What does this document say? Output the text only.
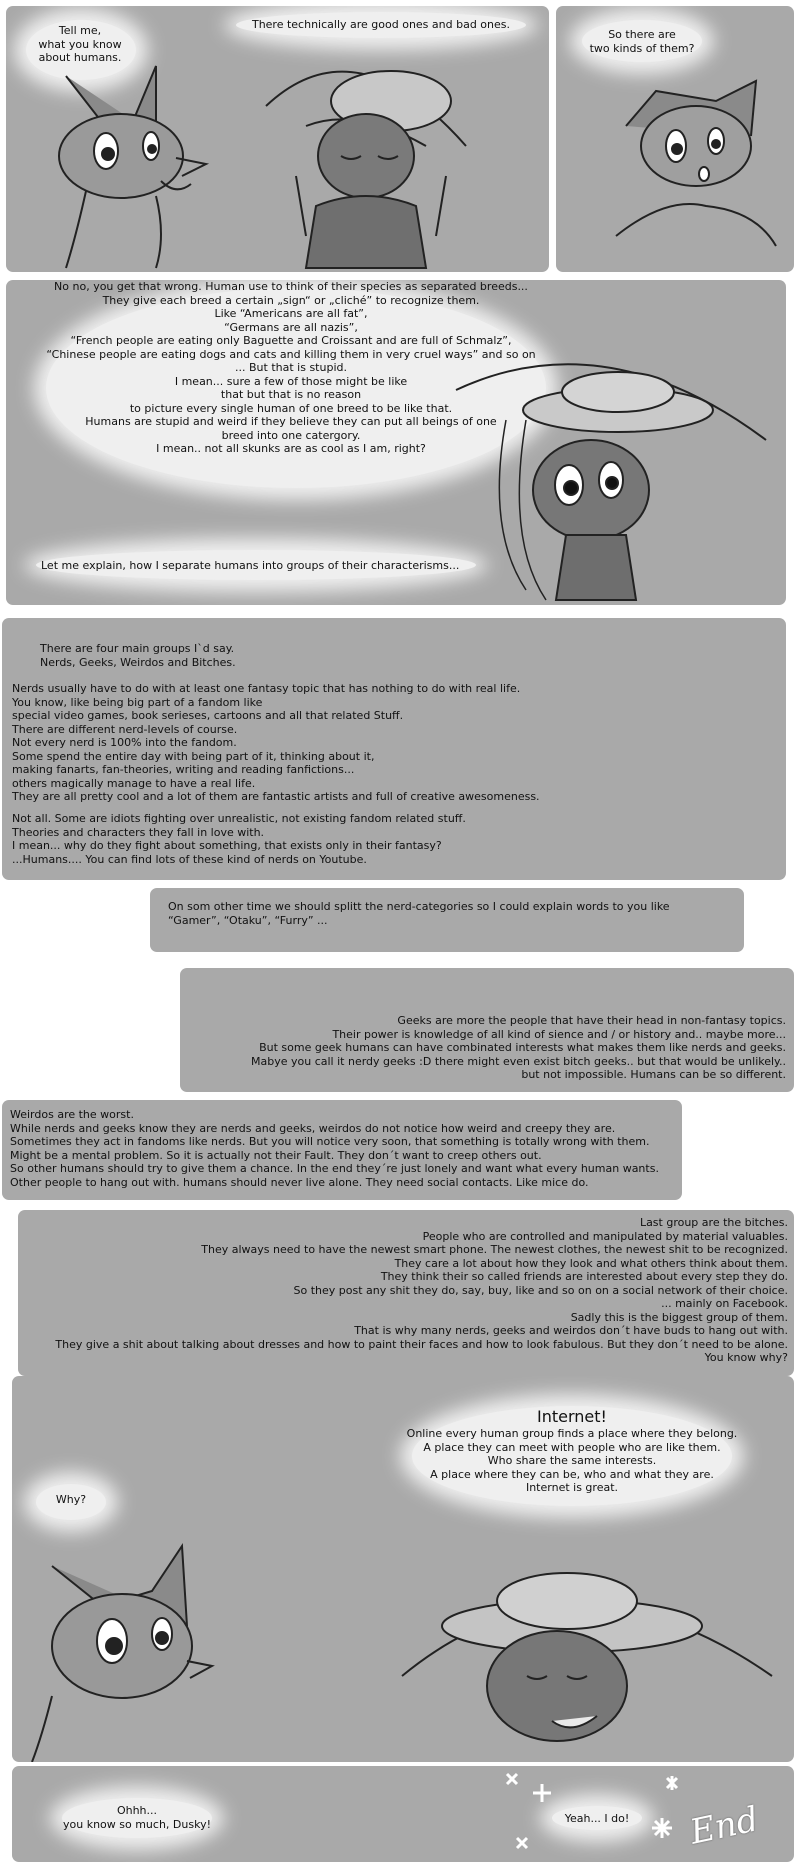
Tell me,
what you know
about humans.
There technically are good ones and bad ones.
So there are
two kinds of them?
No no, you get that wrong. Human use to think of their species as separated breeds...
They give each breed a certain „sign“ or „cliché” to recognize them.
Like “Americans are all fat”,
“Germans are all nazis”,
“French people are eating only Baguette and Croissant and are full of Schmalz”,
“Chinese people are eating dogs and cats and killing them in very cruel ways” and so on
... But that is stupid.
I mean... sure a few of those might be like
that but that is no reason
to picture every single human of one breed to be like that.
Humans are stupid and weird if they believe they can put all beings of one
breed into one catergory.
I mean.. not all skunks are as cool as I am, right?
Let me explain, how I separate humans into groups of their characterisms...
There are four main groups I`d say.
Nerds, Geeks, Weirdos and Bitches.
Nerds usually have to do with at least one fantasy topic that has nothing to do with real life.
You know, like being big part of a fandom like
special video games, book serieses, cartoons and all that related Stuff.
There are different nerd-levels of course.
Not every nerd is 100% into the fandom.
Some spend the entire day with being part of it, thinking about it,
making fanarts, fan-theories, writing and reading fanfictions...
others magically manage to have a real life.
They are all pretty cool and a lot of them are fantastic artists and full of creative awesomeness.
Not all. Some are idiots fighting over unrealistic, not existing fandom related stuff.
Theories and characters they fall in love with.
I mean... why do they fight about something, that exists only in their fantasy?
...Humans.... You can find lots of these kind of nerds on Youtube.
On som other time we should splitt the nerd-categories so I could explain words to you like
“Gamer”, “Otaku”, “Furry” ...
Geeks are more the people that have their head in non-fantasy topics.
Their power is knowledge of all kind of sience and / or history and.. maybe more...
But some geek humans can have combinated interests what makes them like nerds and geeks.
Mabye you call it nerdy geeks :D there might even exist bitch geeks.. but that would be unlikely..
but not impossible. Humans can be so different.
Weirdos are the worst.
While nerds and geeks know they are nerds and geeks, weirdos do not notice how weird and creepy they are.
Sometimes they act in fandoms like nerds. But you will notice very soon, that something is totally wrong with them.
Might be a mental problem. So it is actually not their Fault. They don´t want to creep others out.
So other humans should try to give them a chance. In the end they´re just lonely and want what every human wants.
Other people to hang out with. humans should never live alone. They need social contacts. Like mice do.
Last group are the bitches.
People who are controlled and manipulated by material valuables.
They always need to have the newest smart phone. The newest clothes, the newest shit to be recognized.
They care a lot about how they look and what others think about them.
They think their so called friends are interested about every step they do.
So they post any shit they do, say, buy, like and so on on a social network of their choice.
... mainly on Facebook.
Sadly this is the biggest group of them.
That is why many nerds, geeks and weirdos don´t have buds to hang out with.
They give a shit about talking about dresses and how to paint their faces and how to look fabulous. But they don´t need to be alone.
You know why?
Why?
Internet!
Online every human group finds a place where they belong.
A place they can meet with people who are like them.
Who share the same interests.
A place where they can be, who and what they are.
Internet is great.
Ohhh...
you know so much, Dusky!	Yeah... I do!	End
